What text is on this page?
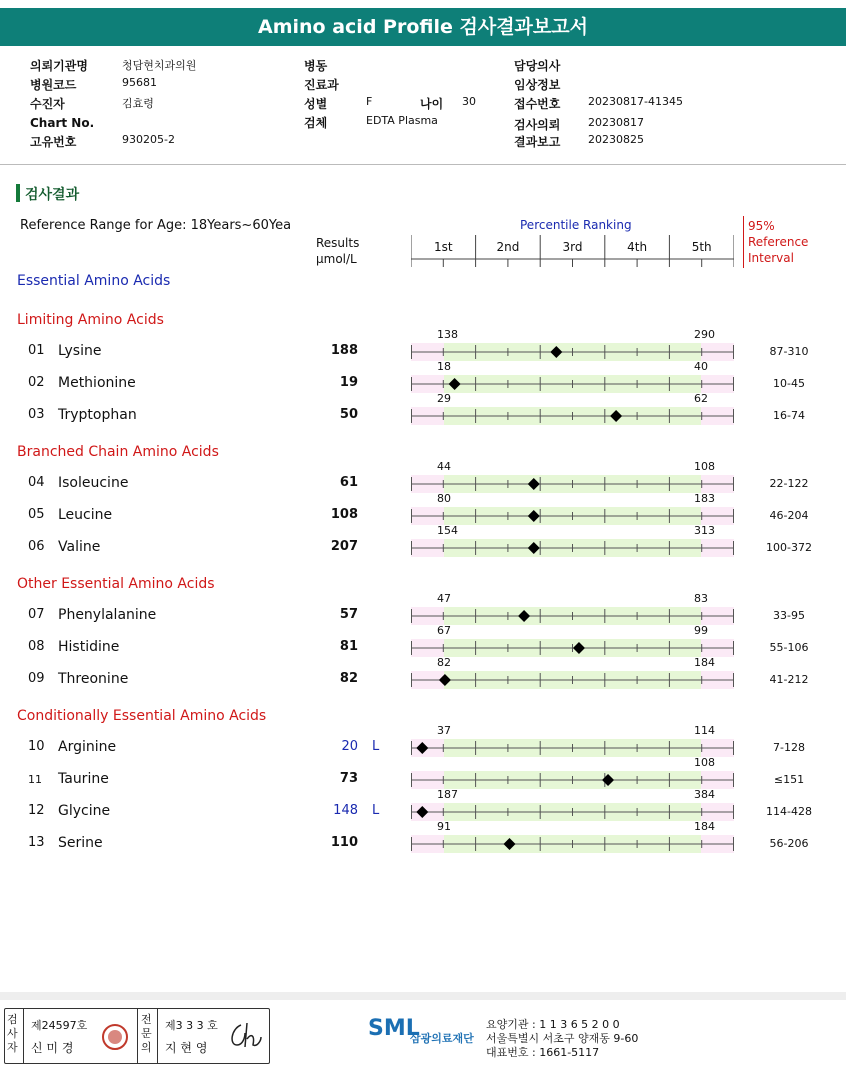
Amino acid Profile 검사결과보고서
의뢰기관명	청담현치과의원
병원코드	95681
수진자	김효령
Chart No.
고유번호	930205-2
병동
진료과
성별	F
검체	EDTA Plasma
나이 30
담당의사
임상정보
접수번호	20230817-41345
검사의뢰	20230817
결과보고	20230825
검사결과
Reference Range for Age: 18Years~60Yea
Results
μmol/L
Percentile Ranking	95%
Reference
Interval
1st	2nd	3rd	4th	5th
Essential Amino Acids
Limiting Amino Acids
Branched Chain Amino Acids
Other Essential Amino Acids
Conditionally Essential Amino Acids
01 Lysine	188	87-310
138	290
02 Methionine	19	10-45
18	40
03 Tryptophan	50	16-74
29	62
04 Isoleucine	61	22-122
44	108
05 Leucine	108	46-204
80	183
06 Valine	207	100-372
154	313
07 Phenylalanine	57	33-95
47	83
08 Histidine	81	55-106
67	99
09 Threonine	82	41-212
82	184
10 Arginine	20 L	7-128
37	114
11 Taurine	73	≤151
108
12 Glycine	148 L	114-428
187	384
13 Serine	110	56-206
91	184
검사자
제24597호
신 미 경
전문의
제3 3 3 호
지 현 영
SML
삼광의료재단
요양기관 : 1 1 3 6 5 2 0 0
서울특별시 서초구 양재동 9-60
대표번호 : 1661-5117
